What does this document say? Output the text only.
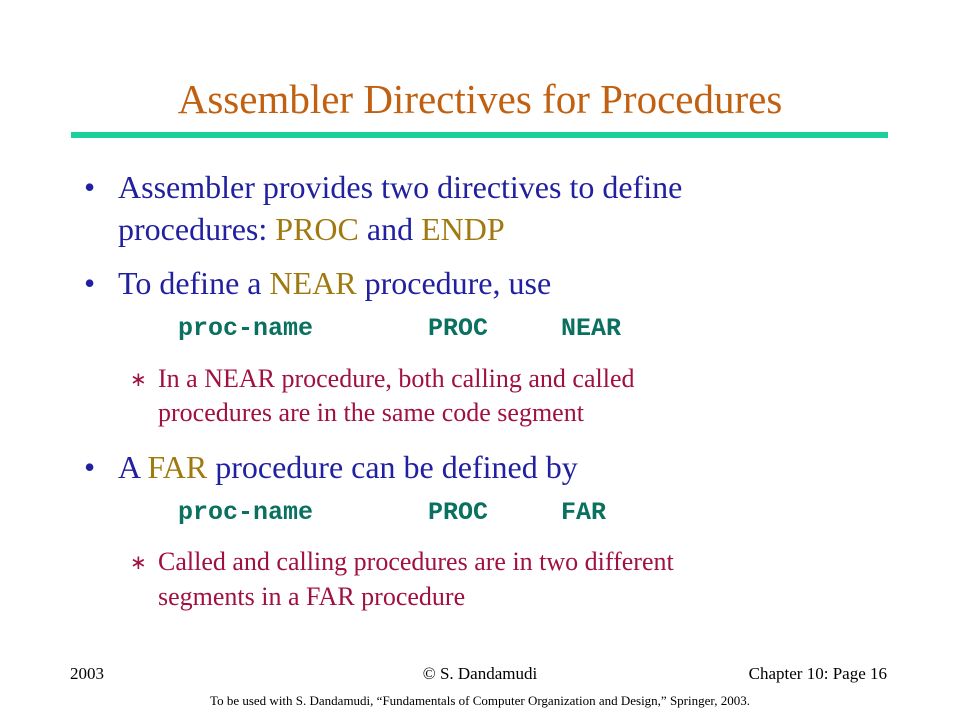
Assembler Directives for Procedures
• Assembler provides two directives to define
procedures: PROC and ENDP
• To define a NEAR procedure, use
proc-name	PROC	NEAR
∗ In a NEAR procedure, both calling and called
procedures are in the same code segment
• A FAR procedure can be defined by
proc-name	PROC	FAR
∗ Called and calling procedures are in two different
segments in a FAR procedure
2003	© S. Dandamudi	Chapter 10: Page 16
To be used with S. Dandamudi, “Fundamentals of Computer Organization and Design,” Springer, 2003.
